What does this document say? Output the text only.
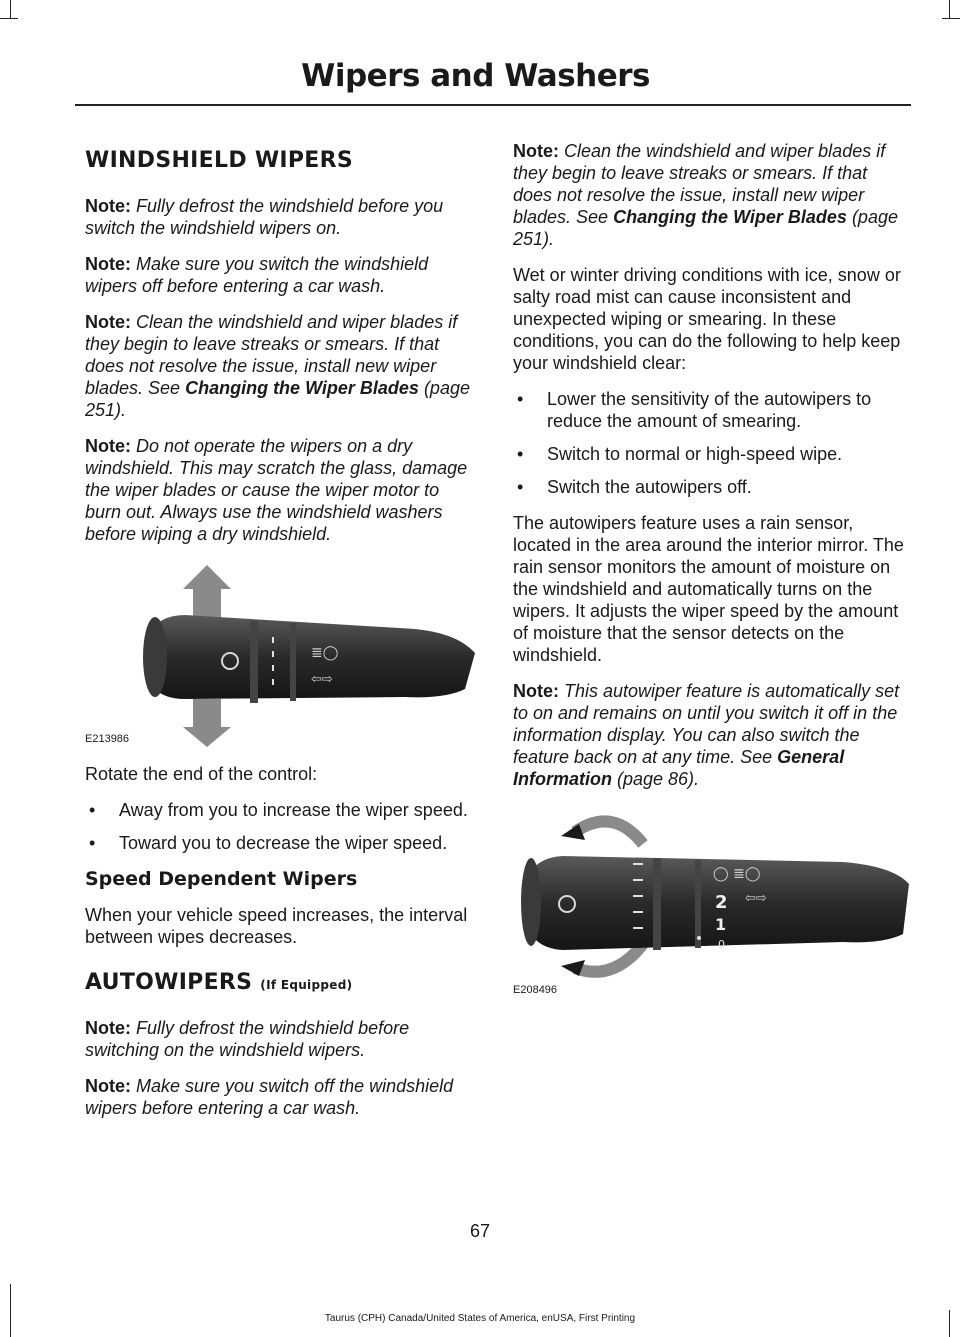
Wipers and Washers
WINDSHIELD WIPERS

Note: Fully defrost the windshield before you switch the windshield wipers on.

Note: Make sure you switch the windshield wipers off before entering a car wash.

Note: Clean the windshield and wiper blades if they begin to leave streaks or smears. If that does not resolve the issue, install new wiper blades. See Changing the Wiper Blades (page 251).

Note: Do not operate the wipers on a dry windshield. This may scratch the glass, damage the wiper blades or cause the wiper motor to burn out. Always use the windshield washers before wiping a dry windshield.

≣◯
⇦⇨
E213986

Rotate the end of the control:

• Away from you to increase the wiper speed.
• Toward you to decrease the wiper speed.
Speed Dependent Wipers

When your vehicle speed increases, the interval between wipes decreases.

AUTOWIPERS (If Equipped)

Note: Fully defrost the windshield before switching on the windshield wipers.

Note: Make sure you switch off the windshield wipers before entering a car wash.

Note: Clean the windshield and wiper blades if they begin to leave streaks or smears. If that does not resolve the issue, install new wiper blades. See Changing the Wiper Blades (page 251).

Wet or winter driving conditions with ice, snow or salty road mist can cause inconsistent and unexpected wiping or smearing. In these conditions, you can do the following to help keep your windshield clear:

• Lower the sensitivity of the autowipers to reduce the amount of smearing.
• Switch to normal or high-speed wipe.
• Switch the autowipers off.

The autowipers feature uses a rain sensor, located in the area around the interior mirror. The rain sensor monitors the amount of moisture on the windshield and automatically turns on the wipers. It adjusts the wiper speed by the amount of moisture that the sensor detects on the windshield.

Note: This autowiper feature is automatically set to on and remains on until you switch it off in the information display. You can also switch the feature back on at any time. See General Information (page 86).

◯ ≣◯
⇦⇨
2
1
0
E208496
67
Taurus (CPH) Canada/United States of America, enUSA, First Printing
